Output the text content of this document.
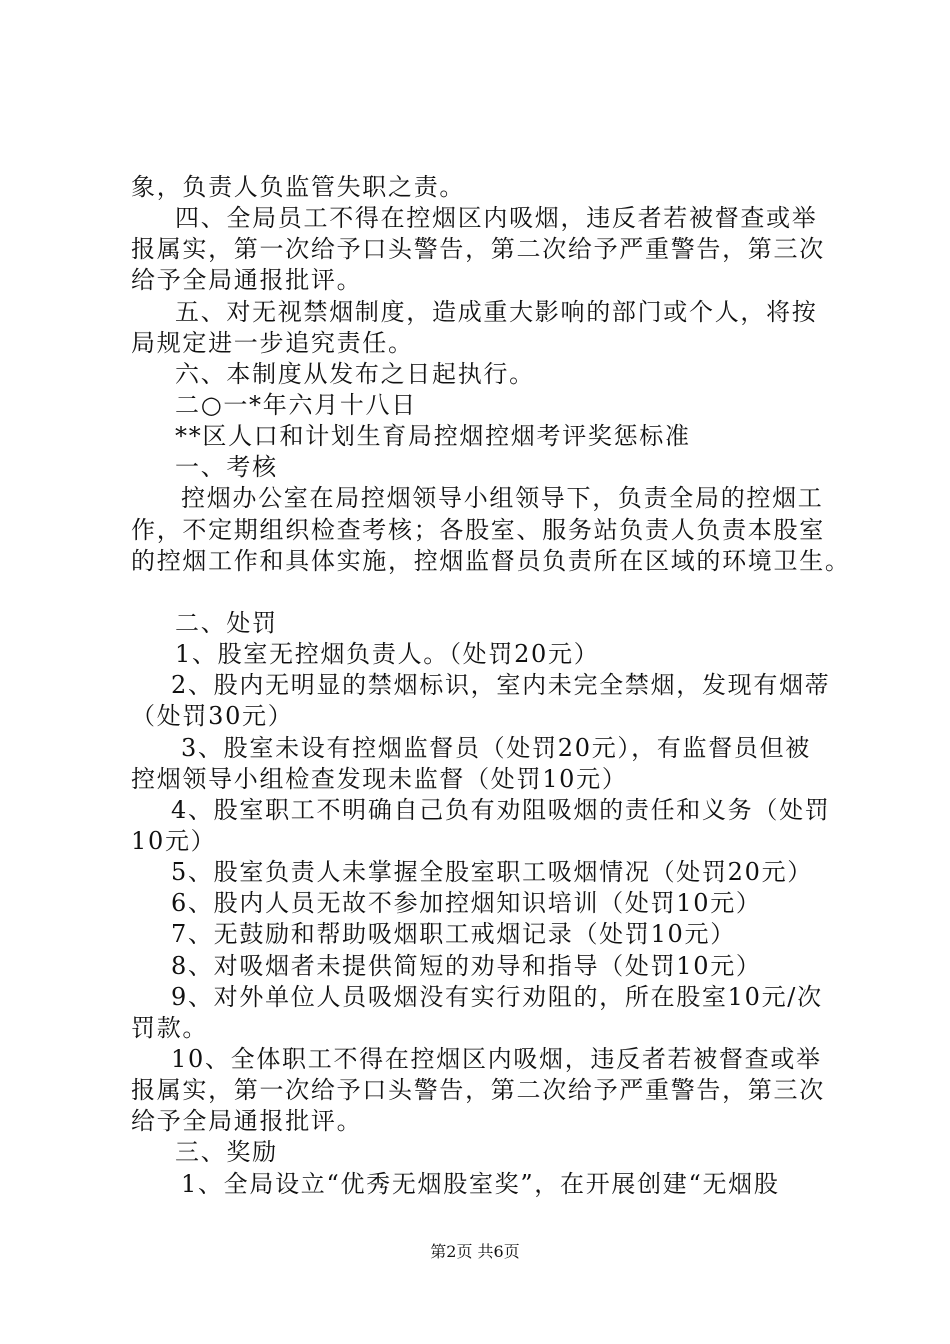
象，负责人负监管失职之责。
四、全局员工不得在控烟区内吸烟，违反者若被督查或举
报属实，第一次给予口头警告，第二次给予严重警告，第三次
给予全局通报批评。
五、对无视禁烟制度，造成重大影响的部门或个人，将按
局规定进一步追究责任。
六、本制度从发布之日起执行。
二○一*年六月十八日
**区人口和计划生育局控烟控烟考评奖惩标准
一、考核
控烟办公室在局控烟领导小组领导下，负责全局的控烟工
作，不定期组织检查考核；各股室、服务站负责人负责本股室
的控烟工作和具体实施，控烟监督员负责所在区域的环境卫生。
二、处罚
1、股室无控烟负责人。（处罚20元）
2、股内无明显的禁烟标识，室内未完全禁烟，发现有烟蒂
（处罚30元）
3、股室未设有控烟监督员（处罚20元），有监督员但被
控烟领导小组检查发现未监督（处罚10元）
4、股室职工不明确自己负有劝阻吸烟的责任和义务（处罚
10元）
5、股室负责人未掌握全股室职工吸烟情况（处罚20元）
6、股内人员无故不参加控烟知识培训（处罚10元）
7、无鼓励和帮助吸烟职工戒烟记录（处罚10元）
8、对吸烟者未提供简短的劝导和指导（处罚10元）
9、对外单位人员吸烟没有实行劝阻的，所在股室10元/次
罚款。
10、全体职工不得在控烟区内吸烟，违反者若被督查或举
报属实，第一次给予口头警告，第二次给予严重警告，第三次
给予全局通报批评。
三、奖励
1、全局设立“优秀无烟股室奖”，在开展创建“无烟股
第2页 共6页
